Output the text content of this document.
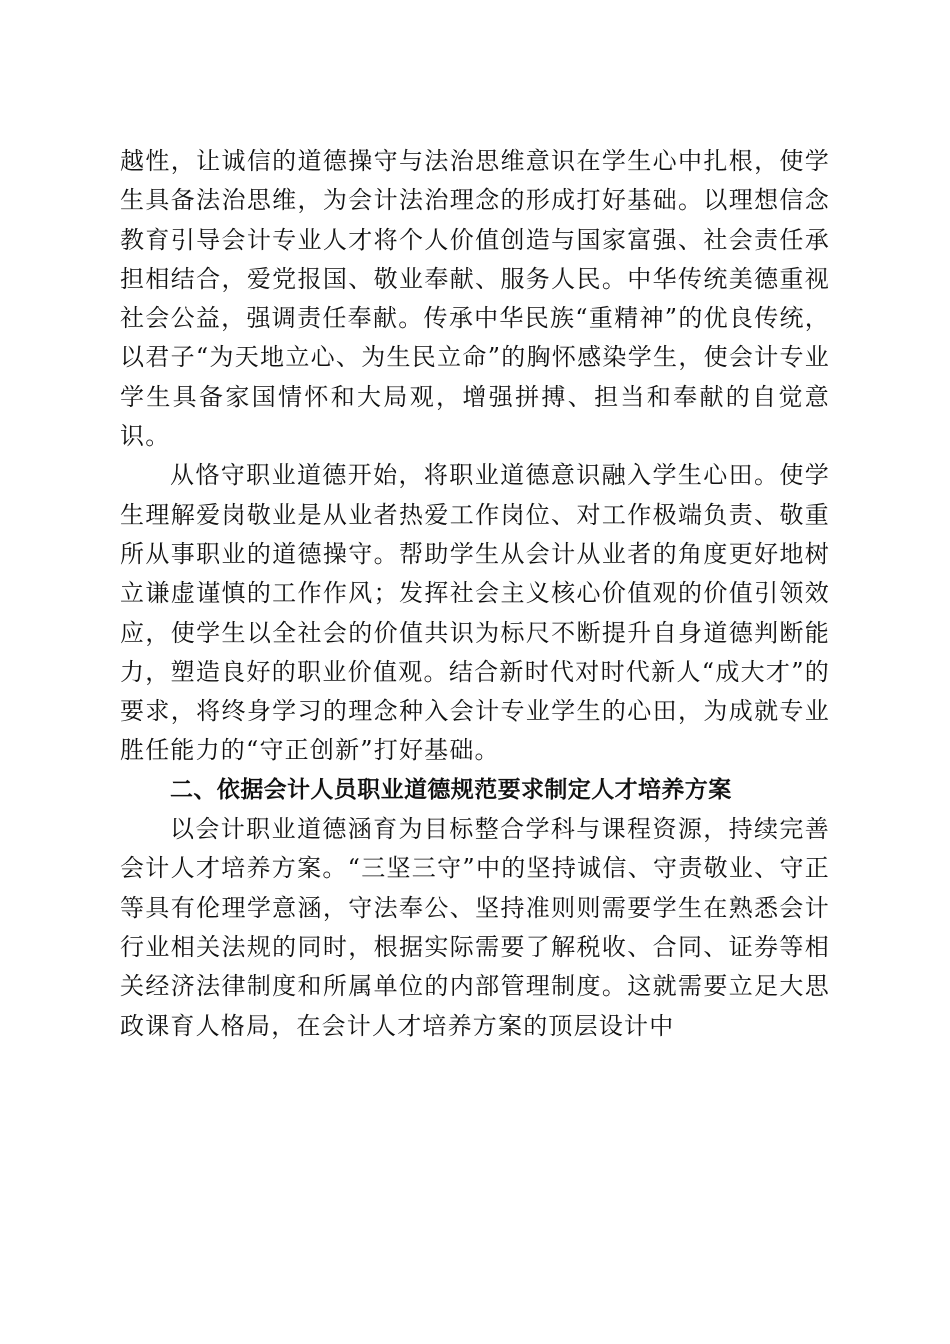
越性，让诚信的道德操守与法治思维意识在学生心中扎根，使学生具备法治思维，为会计法治理念的形成打好基础。以理想信念教育引导会计专业人才将个人价值创造与国家富强、社会责任承担相结合，爱党报国、敬业奉献、服务人民。中华传统美德重视社会公益，强调责任奉献。传承中华民族“重精神”的优良传统，以君子“为天地立心、为生民立命”的胸怀感染学生，使会计专业学生具备家国情怀和大局观，增强拼搏、担当和奉献的自觉意识。

从恪守职业道德开始，将职业道德意识融入学生心田。使学生理解爱岗敬业是从业者热爱工作岗位、对工作极端负责、敬重所从事职业的道德操守。帮助学生从会计从业者的角度更好地树立谦虚谨慎的工作作风；发挥社会主义核心价值观的价值引领效应，使学生以全社会的价值共识为标尺不断提升自身道德判断能力，塑造良好的职业价值观。结合新时代对时代新人“成大才”的要求，将终身学习的理念种入会计专业学生的心田，为成就专业胜任能力的“守正创新”打好基础。

二、依据会计人员职业道德规范要求制定人才培养方案

以会计职业道德涵育为目标整合学科与课程资源，持续完善会计人才培养方案。“三坚三守”中的坚持诚信、守责敬业、守正等具有伦理学意涵，守法奉公、坚持准则则需要学生在熟悉会计行业相关法规的同时，根据实际需要了解税收、合同、证券等相关经济法律制度和所属单位的内部管理制度。这就需要立足大思政课育人格局，在会计人才培养方案的顶层设计中
